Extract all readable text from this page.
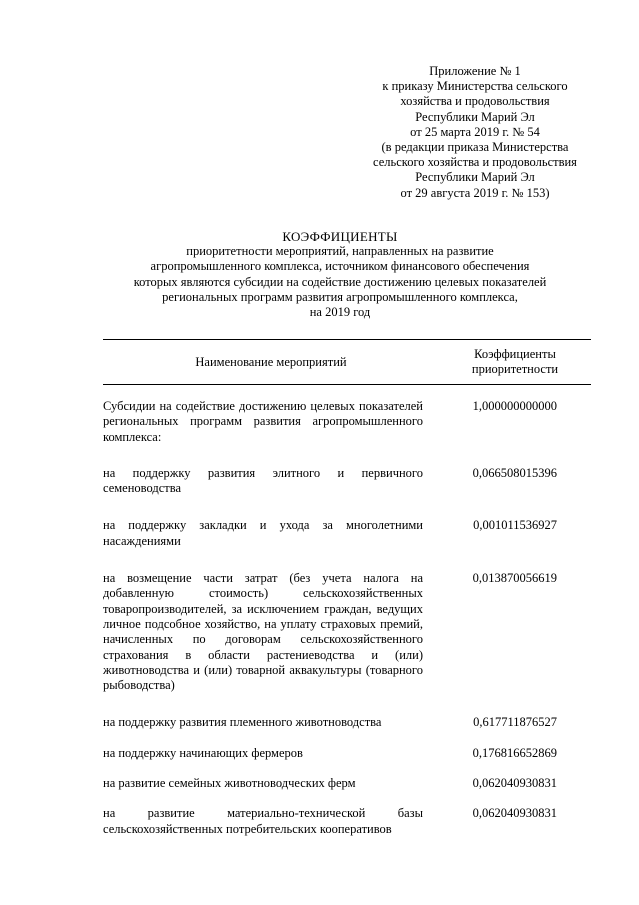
Приложение № 1
к приказу Министерства сельского
хозяйства и продовольствия
Республики Марий Эл
от 25 марта 2019 г. № 54
(в редакции приказа Министерства
сельского хозяйства и продовольствия
Республики Марий Эл
от 29 августа 2019 г. № 153)
КОЭФФИЦИЕНТЫ
приоритетности мероприятий, направленных на развитие
агропромышленного комплекса, источником финансового обеспечения
которых являются субсидии на содействие достижению целевых показателей
региональных программ развития агропромышленного комплекса,
на 2019 год
Наименование мероприятий
Коэффициенты
приоритетности
Субсидии на содействие достижению целевых показателей региональных программ развития агропромышленного комплекса:
1,000000000000
на поддержку развития элитного и первичного семеноводства
0,066508015396
на поддержку закладки и ухода за многолетними насаждениями
0,001011536927
на возмещение части затрат (без учета налога на добавленную стоимость) сельскохозяйственных товаропроизводителей, за исключением граждан, ведущих личное подсобное хозяйство, на уплату страховых премий, начисленных по договорам сельскохозяйственного страхования в области растениеводства и (или) животноводства и (или) товарной аквакультуры (товарного рыбоводства)
0,013870056619
на поддержку развития племенного животноводства	0,617711876527
на поддержку начинающих фермеров	0,176816652869
на развитие семейных животноводческих ферм	0,062040930831
на развитие материально-технической базы сельскохозяйственных потребительских кооперативов
0,062040930831
